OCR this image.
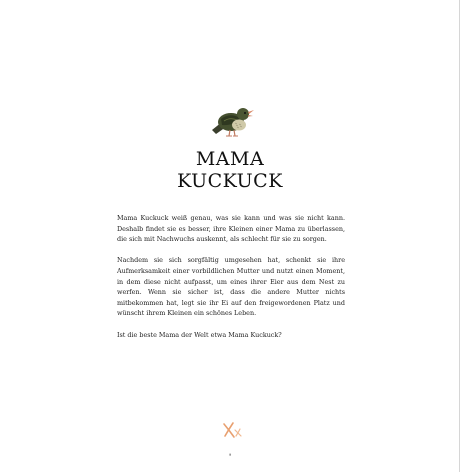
MAMA
KUCKUCK

Mama Kuckuck weiß genau, was sie kann und was sie nicht kann. Deshalb findet sie es besser, ihre Kleinen einer Mama zu überlassen, die sich mit Nachwuchs auskennt, als schlecht für sie zu sorgen.

Nachdem sie sich sorgfältig umgesehen hat, schenkt sie ihre Aufmerksamkeit einer vorbildlichen Mutter und nutzt einen Moment, in dem diese nicht aufpasst, um eines ihrer Eier aus dem Nest zu werfen. Wenn sie sicher ist, dass die andere Mutter nichts mitbekommen hat, legt sie ihr Ei auf den freigewordenen Platz und wünscht ihrem Kleinen ein schönes Leben.

Ist die beste Mama der Welt etwa Mama Kuckuck?

9
